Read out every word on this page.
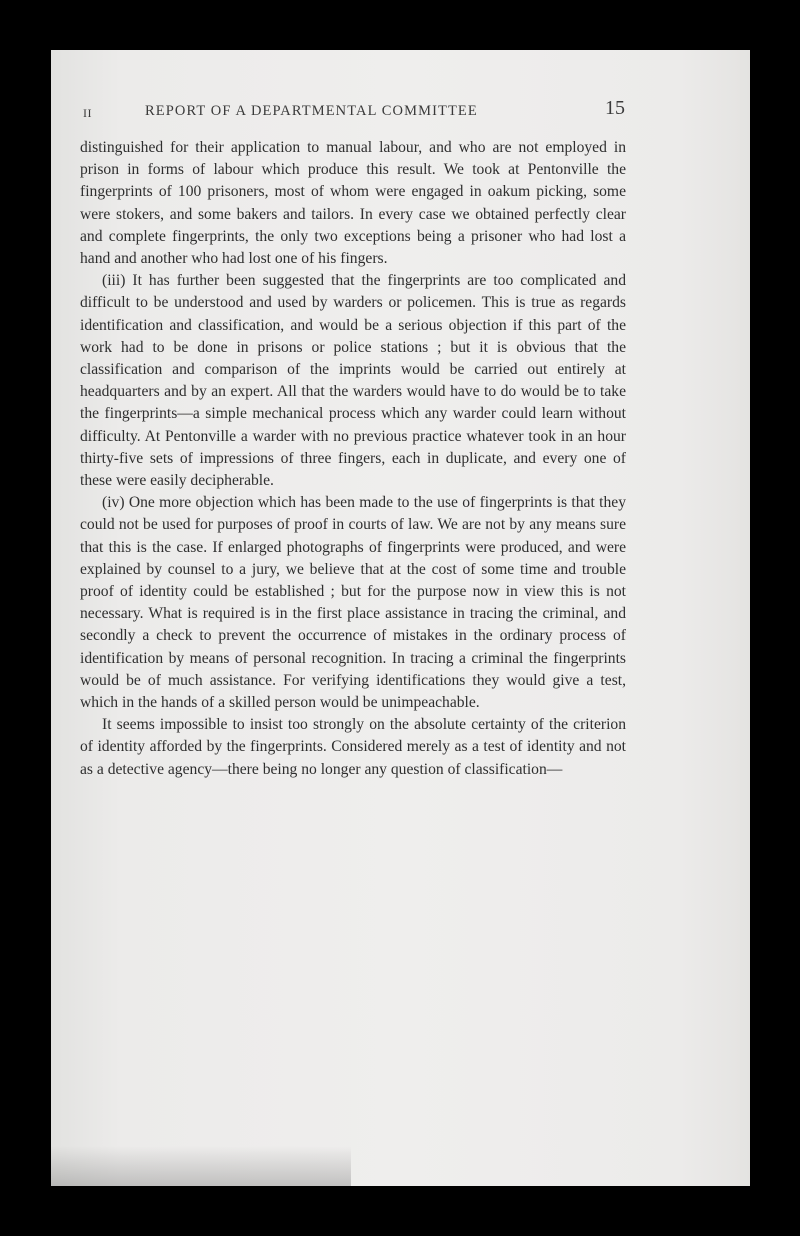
II	REPORT OF A DEPARTMENTAL COMMITTEE	15

distinguished for their application to manual labour, and who are not employed in prison in forms of labour which produce this result. We took at Pentonville the fingerprints of 100 prisoners, most of whom were engaged in oakum picking, some were stokers, and some bakers and tailors. In every case we obtained perfectly clear and complete fingerprints, the only two exceptions being a prisoner who had lost a hand and another who had lost one of his fingers.

(iii) It has further been suggested that the fingerprints are too complicated and difficult to be understood and used by warders or policemen. This is true as regards identification and classification, and would be a serious objection if this part of the work had to be done in prisons or police stations ; but it is obvious that the classification and comparison of the imprints would be carried out entirely at headquarters and by an expert. All that the warders would have to do would be to take the fingerprints—a simple mechanical process which any warder could learn without difficulty. At Pentonville a warder with no previous practice whatever took in an hour thirty-five sets of impressions of three fingers, each in duplicate, and every one of these were easily decipherable.

(iv) One more objection which has been made to the use of fingerprints is that they could not be used for purposes of proof in courts of law. We are not by any means sure that this is the case. If enlarged photographs of fingerprints were produced, and were explained by counsel to a jury, we believe that at the cost of some time and trouble proof of identity could be established ; but for the purpose now in view this is not necessary. What is required is in the first place assistance in tracing the criminal, and secondly a check to prevent the occurrence of mistakes in the ordinary process of identification by means of personal recognition. In tracing a criminal the fingerprints would be of much assistance. For verifying identifications they would give a test, which in the hands of a skilled person would be unimpeachable.

It seems impossible to insist too strongly on the absolute certainty of the criterion of identity afforded by the fingerprints. Considered merely as a test of identity and not as a detective agency—there being no longer any question of classification—
